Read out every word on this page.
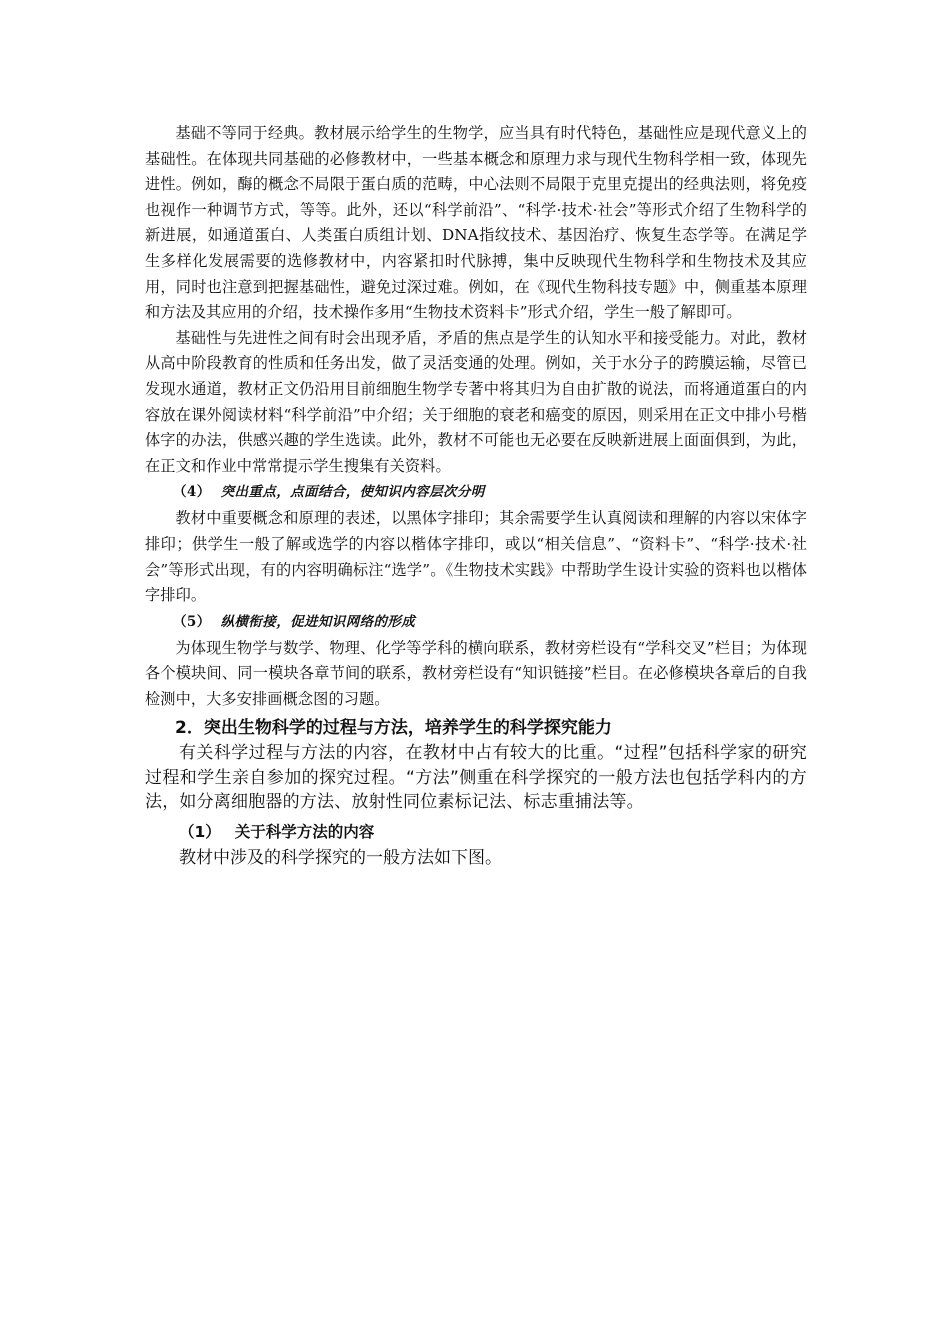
基础不等同于经典。教材展示给学生的生物学，应当具有时代特色，基础性应是现代意义上的基础性。在体现共同基础的必修教材中，一些基本概念和原理力求与现代生物科学相一致，体现先进性。例如，酶的概念不局限于蛋白质的范畴，中心法则不局限于克里克提出的经典法则，将免疫也视作一种调节方式，等等。此外，还以“科学前沿”、“科学·技术·社会”等形式介绍了生物科学的新进展，如通道蛋白、人类蛋白质组计划、DNA指纹技术、基因治疗、恢复生态学等。在满足学生多样化发展需要的选修教材中，内容紧扣时代脉搏，集中反映现代生物科学和生物技术及其应用，同时也注意到把握基础性，避免过深过难。例如，在《现代生物科技专题》中，侧重基本原理和方法及其应用的介绍，技术操作多用“生物技术资料卡”形式介绍，学生一般了解即可。

基础性与先进性之间有时会出现矛盾，矛盾的焦点是学生的认知水平和接受能力。对此，教材从高中阶段教育的性质和任务出发，做了灵活变通的处理。例如，关于水分子的跨膜运输，尽管已发现水通道，教材正文仍沿用目前细胞生物学专著中将其归为自由扩散的说法，而将通道蛋白的内容放在课外阅读材料“科学前沿”中介绍；关于细胞的衰老和癌变的原因，则采用在正文中排小号楷体字的办法，供感兴趣的学生选读。此外，教材不可能也无必要在反映新进展上面面俱到，为此，在正文和作业中常常提示学生搜集有关资料。

（4） 突出重点，点面结合，使知识内容层次分明

教材中重要概念和原理的表述，以黑体字排印；其余需要学生认真阅读和理解的内容以宋体字排印；供学生一般了解或选学的内容以楷体字排印，或以“相关信息”、“资料卡”、“科学·技术·社会”等形式出现，有的内容明确标注“选学”。《生物技术实践》中帮助学生设计实验的资料也以楷体字排印。

（5） 纵横衔接，促进知识网络的形成

为体现生物学与数学、物理、化学等学科的横向联系，教材旁栏设有“学科交叉”栏目；为体现各个模块间、同一模块各章节间的联系，教材旁栏设有“知识链接”栏目。在必修模块各章后的自我检测中，大多安排画概念图的习题。

2．突出生物科学的过程与方法，培养学生的科学探究能力

有关科学过程与方法的内容，在教材中占有较大的比重。“过程”包括科学家的研究过程和学生亲自参加的探究过程。“方法”侧重在科学探究的一般方法也包括学科内的方法，如分离细胞器的方法、放射性同位素标记法、标志重捕法等。

（1） 关于科学方法的内容

教材中涉及的科学探究的一般方法如下图。
